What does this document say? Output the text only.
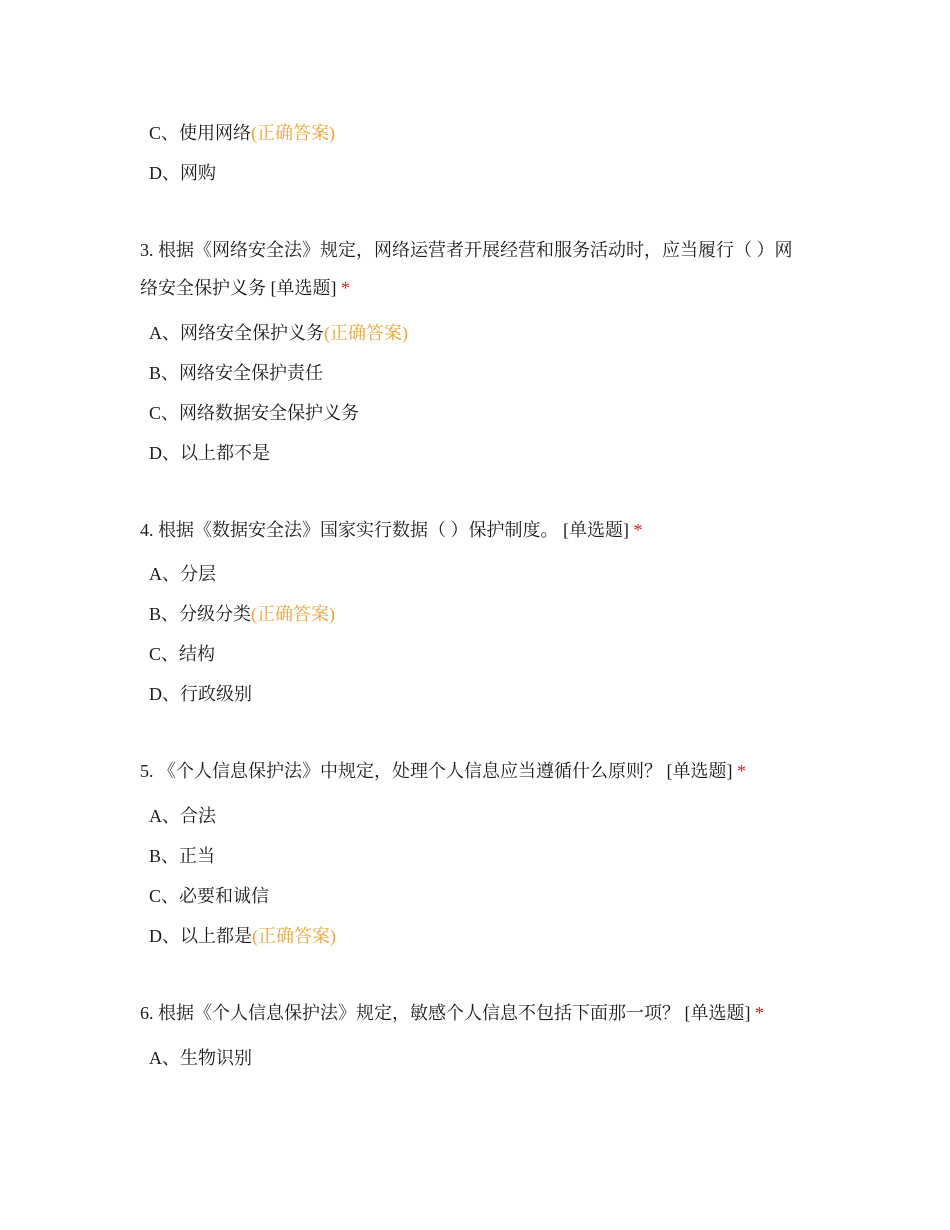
C、使用网络(正确答案)
D、网购
3. 根据《网络安全法》规定，网络运营者开展经营和服务活动时，应当履行（ ）网络安全保护义务 [单选题] *
A、网络安全保护义务(正确答案)
B、网络安全保护责任
C、网络数据安全保护义务
D、以上都不是
4. 根据《数据安全法》国家实行数据（ ）保护制度。 [单选题] *
A、分层
B、分级分类(正确答案)
C、结构
D、行政级别
5. 《个人信息保护法》中规定，处理个人信息应当遵循什么原则？ [单选题] *
A、合法
B、正当
C、必要和诚信
D、以上都是(正确答案)
6. 根据《个人信息保护法》规定，敏感个人信息不包括下面那一项？ [单选题] *
A、生物识别
